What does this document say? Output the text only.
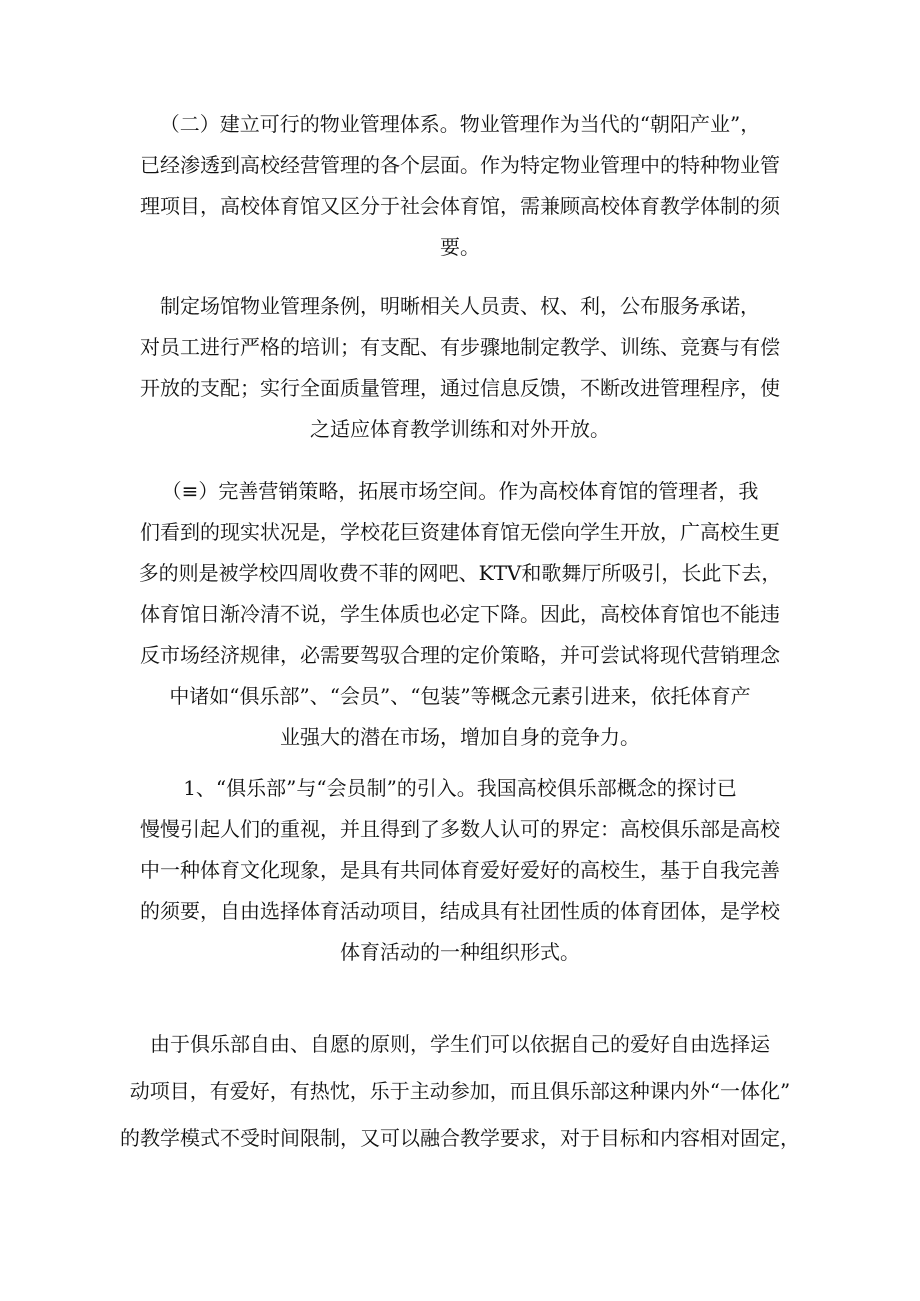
（二）建立可行的物业管理体系。物业管理作为当代的“朝阳产业”，
已经渗透到高校经营管理的各个层面。作为特定物业管理中的特种物业管
理项目，高校体育馆又区分于社会体育馆，需兼顾高校体育教学体制的须
要。
制定场馆物业管理条例，明晰相关人员责、权、利，公布服务承诺，
对员工进行严格的培训；有支配、有步骤地制定教学、训练、竞赛与有偿
开放的支配；实行全面质量管理，通过信息反馈，不断改进管理程序，使
之适应体育教学训练和对外开放。
（≡）完善营销策略，拓展市场空间。作为高校体育馆的管理者，我
们看到的现实状况是，学校花巨资建体育馆无偿向学生开放，广高校生更
多的则是被学校四周收费不菲的网吧、KTV和歌舞厅所吸引，长此下去，
体育馆日渐冷清不说，学生体质也必定下降。因此，高校体育馆也不能违
反市场经济规律，必需要驾驭合理的定价策略，并可尝试将现代营销理念
中诸如“俱乐部”、“会员”、“包装”等概念元素引进来，依托体育产
业强大的潜在市场，增加自身的竞争力。
1、“俱乐部”与“会员制”的引入。我国高校俱乐部概念的探讨已
慢慢引起人们的重视，并且得到了多数人认可的界定：高校俱乐部是高校
中一种体育文化现象，是具有共同体育爱好爱好的高校生，基于自我完善
的须要，自由选择体育活动项目，结成具有社团性质的体育团体，是学校
体育活动的一种组织形式。
由于俱乐部自由、自愿的原则，学生们可以依据自己的爱好自由选择运
动项目，有爱好，有热忱，乐于主动参加，而且俱乐部这种课内外“一体化”
的教学模式不受时间限制，又可以融合教学要求，对于目标和内容相对固定，
